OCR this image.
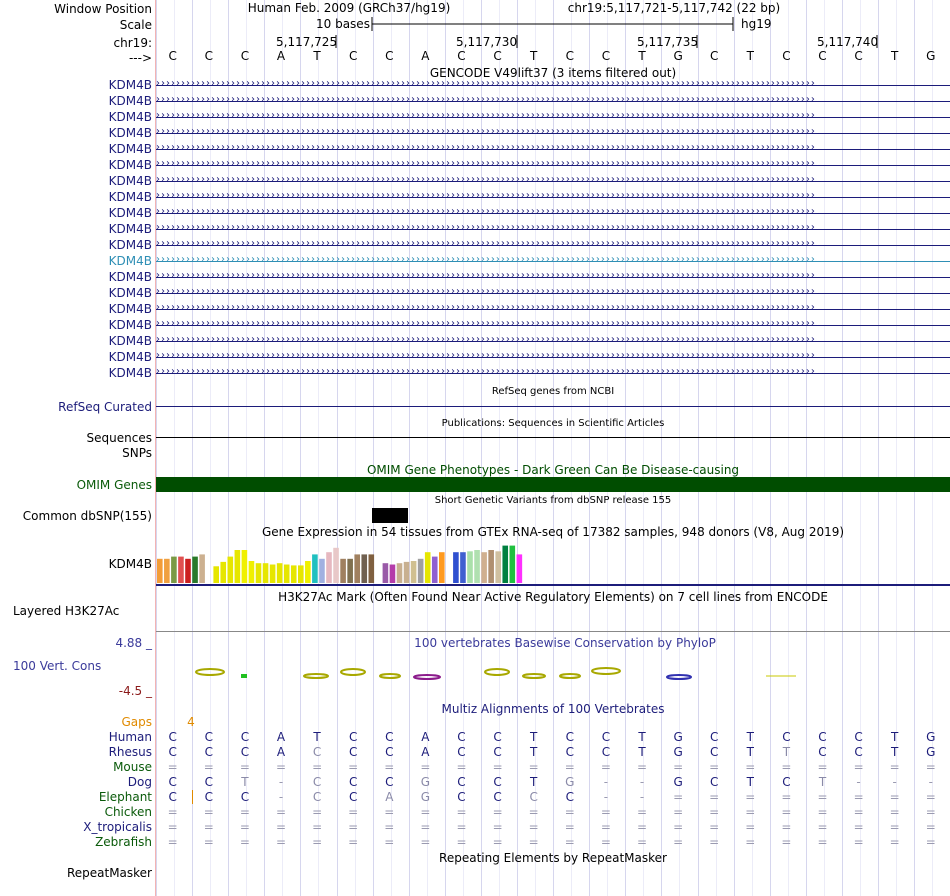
Window Position
Scale
chr19:
--->
KDM4B
KDM4B
KDM4B
KDM4B
KDM4B
KDM4B
KDM4B
KDM4B
KDM4B
KDM4B
KDM4B
KDM4B
KDM4B
KDM4B
KDM4B
KDM4B
KDM4B
KDM4B
KDM4B
RefSeq Curated
Sequences
SNPs
OMIM Genes
Common dbSNP(155)
KDM4B
Layered H3K27Ac
4.88 _
100 Vert. Cons
-4.5 _
Gaps
Human
Rhesus
Mouse
Dog
Elephant
Chicken
X_tropicalis
Zebrafish
RepeatMasker
Human Feb. 2009 (GRCh37/hg19)	chr19:5,117,721-5,117,742 (22 bp)
10 bases	hg19
5,117,725	5,117,730	5,117,735	5,117,740
C C C A T C C A C C T C C T G C T C C C T G
GENCODE V49lift37 (3 items filtered out)
››››››››››››››››››››››››››››››››››››››››››››››››››››››››››››››››››››››››››››››››››››››››››››››››››››››››››››››››››››››››››››››››››››
››››››››››››››››››››››››››››››››››››››››››››››››››››››››››››››››››››››››››››››››››››››››››››››››››››››››››››››››››››››››››››››››››››
››››››››››››››››››››››››››››››››››››››››››››››››››››››››››››››››››››››››››››››››››››››››››››››››››››››››››››››››››››››››››››››››››››
››››››››››››››››››››››››››››››››››››››››››››››››››››››››››››››››››››››››››››››››››››››››››››››››››››››››››››››››››››››››››››››››››››
››››››››››››››››››››››››››››››››››››››››››››››››››››››››››››››››››››››››››››››››››››››››››››››››››››››››››››››››››››››››››››››››››››
››››››››››››››››››››››››››››››››››››››››››››››››››››››››››››››››››››››››››››››››››››››››››››››››››››››››››››››››››››››››››››››››››››
››››››››››››››››››››››››››››››››››››››››››››››››››››››››››››››››››››››››››››››››››››››››››››››››››››››››››››››››››››››››››››››››››››
››››››››››››››››››››››››››››››››››››››››››››››››››››››››››››››››››››››››››››››››››››››››››››››››››››››››››››››››››››››››››››››››››››
››››››››››››››››››››››››››››››››››››››››››››››››››››››››››››››››››››››››››››››››››››››››››››››››››››››››››››››››››››››››››››››››››››
››››››››››››››››››››››››››››››››››››››››››››››››››››››››››››››››››››››››››››››››››››››››››››››››››››››››››››››››››››››››››››››››››››
››››››››››››››››››››››››››››››››››››››››››››››››››››››››››››››››››››››››››››››››››››››››››››››››››››››››››››››››››››››››››››››››››››
››››››››››››››››››››››››››››››››››››››››››››››››››››››››››››››››››››››››››››››››››››››››››››››››››››››››››››››››››››››››››››››››››››
››››››››››››››››››››››››››››››››››››››››››››››››››››››››››››››››››››››››››››››››››››››››››››››››››››››››››››››››››››››››››››››››››››
››››››››››››››››››››››››››››››››››››››››››››››››››››››››››››››››››››››››››››››››››››››››››››››››››››››››››››››››››››››››››››››››››››
››››››››››››››››››››››››››››››››››››››››››››››››››››››››››››››››››››››››››››››››››››››››››››››››››››››››››››››››››››››››››››››››››››
››››››››››››››››››››››››››››››››››››››››››››››››››››››››››››››››››››››››››››››››››››››››››››››››››››››››››››››››››››››››››››››››››››
››››››››››››››››››››››››››››››››››››››››››››››››››››››››››››››››››››››››››››››››››››››››››››››››››››››››››››››››››››››››››››››››››››
››››››››››››››››››››››››››››››››››››››››››››››››››››››››››››››››››››››››››››››››››››››››››››››››››››››››››››››››››››››››››››››››››››
››››››››››››››››››››››››››››››››››››››››››››››››››››››››››››››››››››››››››››››››››››››››››››››››››››››››››››››››››››››››››››››››››››
RefSeq genes from NCBI
Publications: Sequences in Scientific Articles
OMIM Gene Phenotypes - Dark Green Can Be Disease-causing
Short Genetic Variants from dbSNP release 155
Gene Expression in 54 tissues from GTEx RNA-seq of 17382 samples, 948 donors (V8, Aug 2019)
H3K27Ac Mark (Often Found Near Active Regulatory Elements) on 7 cell lines from ENCODE
100 vertebrates Basewise Conservation by PhyloP
Multiz Alignments of 100 Vertebrates
4
C C C A T C C A C C T C C T G C T C C C T G
C C C A C C C A C C T C C T G C T T C C T G
= = = = = = = = = = = = = = = = = = = = = =
C C T	- C C C G C C T G -	- G C T C T	-	-	-
C C C - C C A G C C C C -	- = = = = = = = =
= = = = = = = = = = = = = = = = = = = = = =
= = = = = = = = = = = = = = = = = = = = = =
= = = = = = = = = = = = = = = = = = = = = =
Repeating Elements by RepeatMasker
